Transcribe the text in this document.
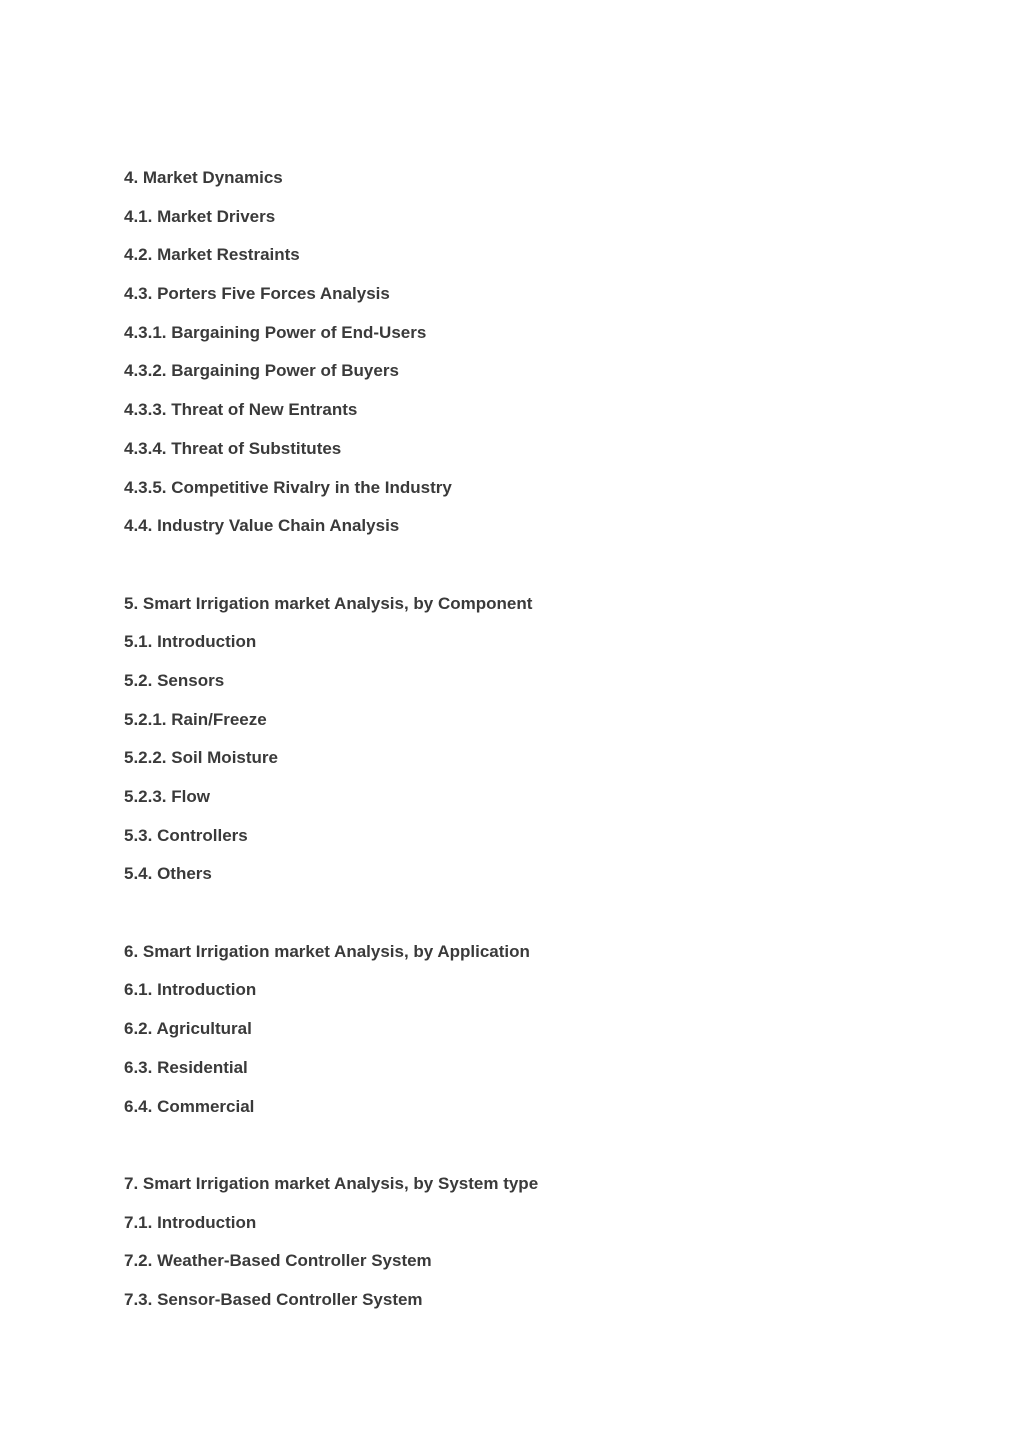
4. Market Dynamics
4.1. Market Drivers
4.2. Market Restraints
4.3. Porters Five Forces Analysis
4.3.1. Bargaining Power of End-Users
4.3.2. Bargaining Power of Buyers
4.3.3. Threat of New Entrants
4.3.4. Threat of Substitutes
4.3.5. Competitive Rivalry in the Industry
4.4. Industry Value Chain Analysis
5. Smart Irrigation market Analysis, by Component
5.1. Introduction
5.2. Sensors
5.2.1. Rain/Freeze
5.2.2. Soil Moisture
5.2.3. Flow
5.3. Controllers
5.4. Others
6. Smart Irrigation market Analysis, by Application
6.1. Introduction
6.2. Agricultural
6.3. Residential
6.4. Commercial
7. Smart Irrigation market Analysis, by System type
7.1. Introduction
7.2. Weather-Based Controller System
7.3. Sensor-Based Controller System
